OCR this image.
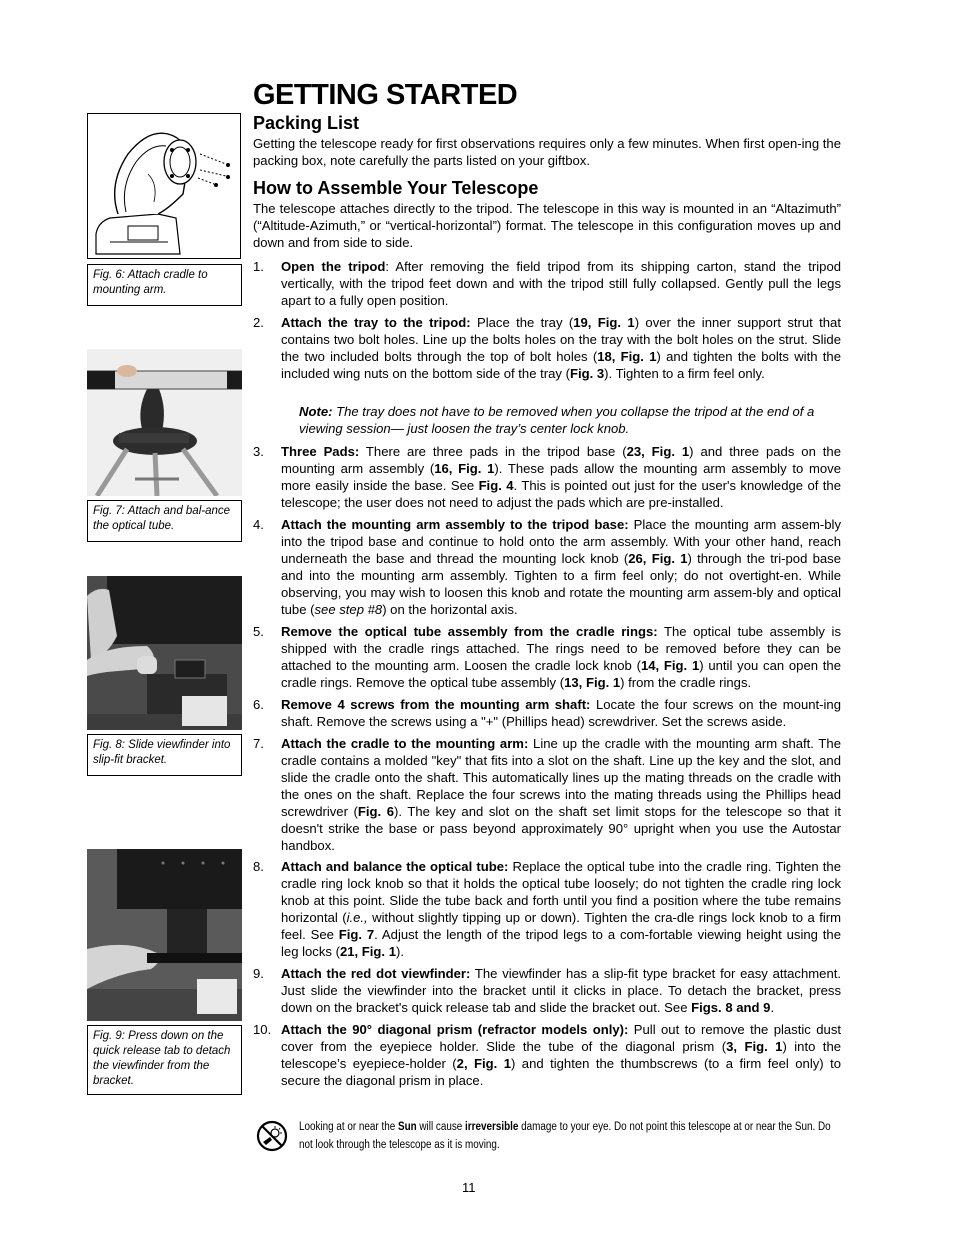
Fig. 6: Attach cradle to mounting arm.
Fig. 7: Attach and bal-ance the optical tube.
Fig. 8: Slide viewfinder into slip-fit bracket.
Fig. 9: Press down on the quick release tab to detach the viewfinder from the bracket.
GETTING STARTED
Packing List
Getting the telescope ready for first observations requires only a few minutes. When first open-ing the packing box, note carefully the parts listed on your giftbox.
How to Assemble Your Telescope
The telescope attaches directly to the tripod. The telescope in this way is mounted in an “Altazimuth” (“Altitude-Azimuth,” or “vertical-horizontal”) format. The telescope in this configuration moves up and down and from side to side.
1.	Open the tripod: After removing the field tripod from its shipping carton, stand the tripod vertically, with the tripod feet down and with the tripod still fully collapsed. Gently pull the legs apart to a fully open position.
2.	Attach the tray to the tripod: Place the tray (19, Fig. 1) over the inner support strut that contains two bolt holes. Line up the bolts holes on the tray with the bolt holes on the strut. Slide the two included bolts through the top of bolt holes (18, Fig. 1) and tighten the bolts with the included wing nuts on the bottom side of the tray (Fig. 3). Tighten to a firm feel only.
Note: The tray does not have to be removed when you collapse the tripod at the end of a viewing session— just loosen the tray’s center lock knob.
3.	Three Pads: There are three pads in the tripod base (23, Fig. 1) and three pads on the mounting arm assembly (16, Fig. 1). These pads allow the mounting arm assembly to move more easily inside the base. See Fig. 4. This is pointed out just for the user's knowledge of the telescope; the user does not need to adjust the pads which are pre-installed.
4.	Attach the mounting arm assembly to the tripod base: Place the mounting arm assem-bly into the tripod base and continue to hold onto the arm assembly. With your other hand, reach underneath the base and thread the mounting lock knob (26, Fig. 1) through the tri-pod base and into the mounting arm assembly. Tighten to a firm feel only; do not overtight-en. While observing, you may wish to loosen this knob and rotate the mounting arm assem-bly and optical tube (see step #8) on the horizontal axis.
5.	Remove the optical tube assembly from the cradle rings: The optical tube assembly is shipped with the cradle rings attached. The rings need to be removed before they can be attached to the mounting arm. Loosen the cradle lock knob (14, Fig. 1) until you can open the cradle rings. Remove the optical tube assembly (13, Fig. 1) from the cradle rings.
6.	Remove 4 screws from the mounting arm shaft: Locate the four screws on the mount-ing shaft. Remove the screws using a "+" (Phillips head) screwdriver. Set the screws aside.
7.	Attach the cradle to the mounting arm: Line up the cradle with the mounting arm shaft. The cradle contains a molded "key" that fits into a slot on the shaft. Line up the key and the slot, and slide the cradle onto the shaft. This automatically lines up the mating threads on the cradle with the ones on the shaft. Replace the four screws into the mating threads using the Phillips head screwdriver (Fig. 6). The key and slot on the shaft set limit stops for the telescope so that it doesn't strike the base or pass beyond approximately 90° upright when you use the Autostar handbox.
8.	Attach and balance the optical tube: Replace the optical tube into the cradle ring. Tighten the cradle ring lock knob so that it holds the optical tube loosely; do not tighten the cradle ring lock knob at this point. Slide the tube back and forth until you find a position where the tube remains horizontal (i.e., without slightly tipping up or down). Tighten the cra-dle rings lock knob to a firm feel. See Fig. 7. Adjust the length of the tripod legs to a com-fortable viewing height using the leg locks (21, Fig. 1).
9.	Attach the red dot viewfinder: The viewfinder has a slip-fit type bracket for easy attachment. Just slide the viewfinder into the bracket until it clicks in place. To detach the bracket, press down on the bracket's quick release tab and slide the bracket out. See Figs. 8 and 9.
10. Attach the 90° diagonal prism (refractor models only): Pull out to remove the plastic dust cover from the eyepiece holder. Slide the tube of the diagonal prism (3, Fig. 1) into the telescope’s eyepiece-holder (2, Fig. 1) and tighten the thumbscrews (to a firm feel only) to secure the diagonal prism in place.
Looking at or near the Sun will cause irreversible damage to your eye. Do not point this telescope at or near the Sun. Do not look through the telescope as it is moving.
11
